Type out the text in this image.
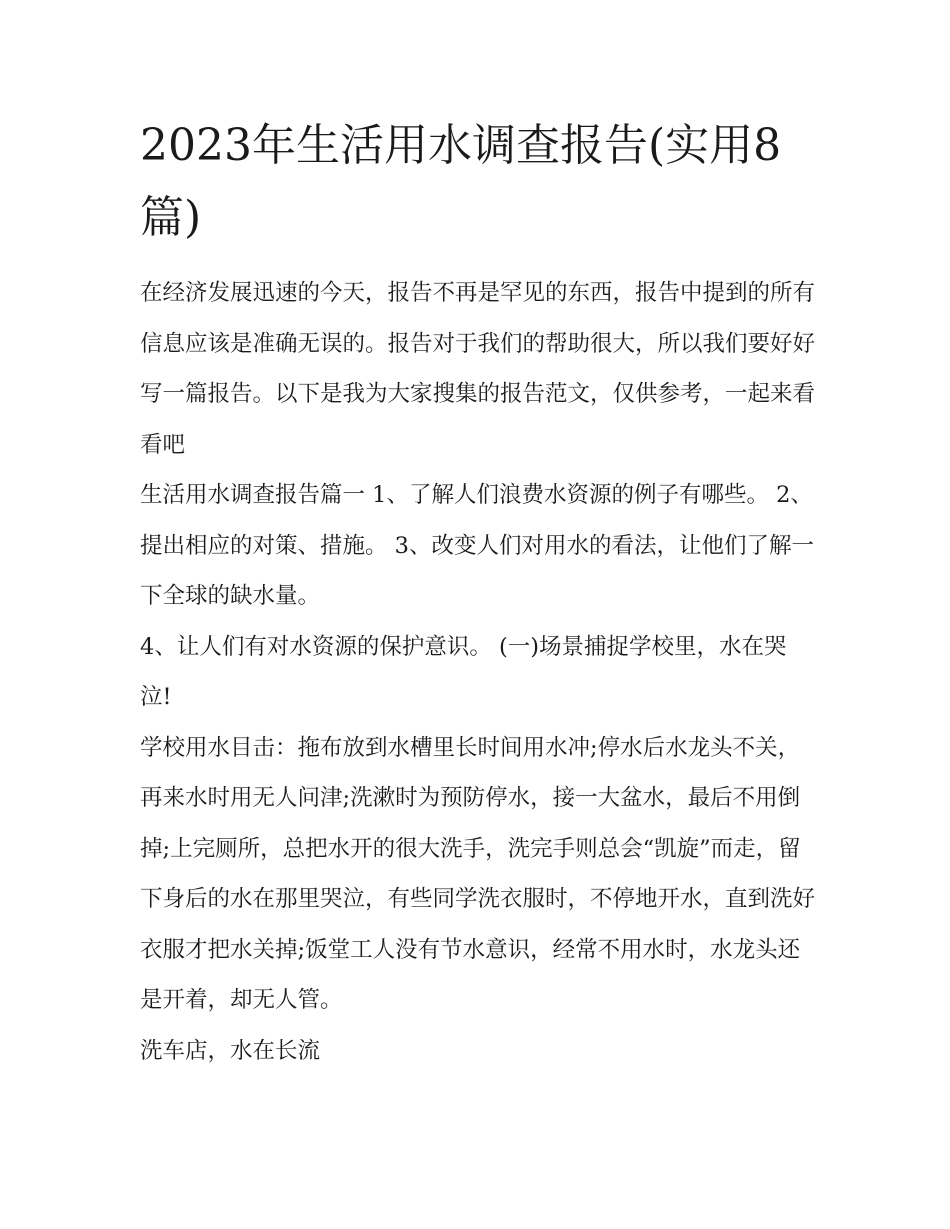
2023年生活用水调查报告(实用8篇)

在经济发展迅速的今天，报告不再是罕见的东西，报告中提到的所有信息应该是准确无误的。报告对于我们的帮助很大，所以我们要好好写一篇报告。以下是我为大家搜集的报告范文，仅供参考，一起来看看吧

生活用水调查报告篇一 1、了解人们浪费水资源的例子有哪些。 2、提出相应的对策、措施。 3、改变人们对用水的看法，让他们了解一下全球的缺水量。

4、让人们有对水资源的保护意识。 (一)场景捕捉学校里，水在哭泣!

学校用水目击：拖布放到水槽里长时间用水冲;停水后水龙头不关，再来水时用无人问津;洗漱时为预防停水，接一大盆水，最后不用倒掉;上完厕所，总把水开的很大洗手，洗完手则总会“凯旋”而走，留下身后的水在那里哭泣，有些同学洗衣服时，不停地开水，直到洗好衣服才把水关掉;饭堂工人没有节水意识，经常不用水时，水龙头还是开着，却无人管。

洗车店，水在长流
